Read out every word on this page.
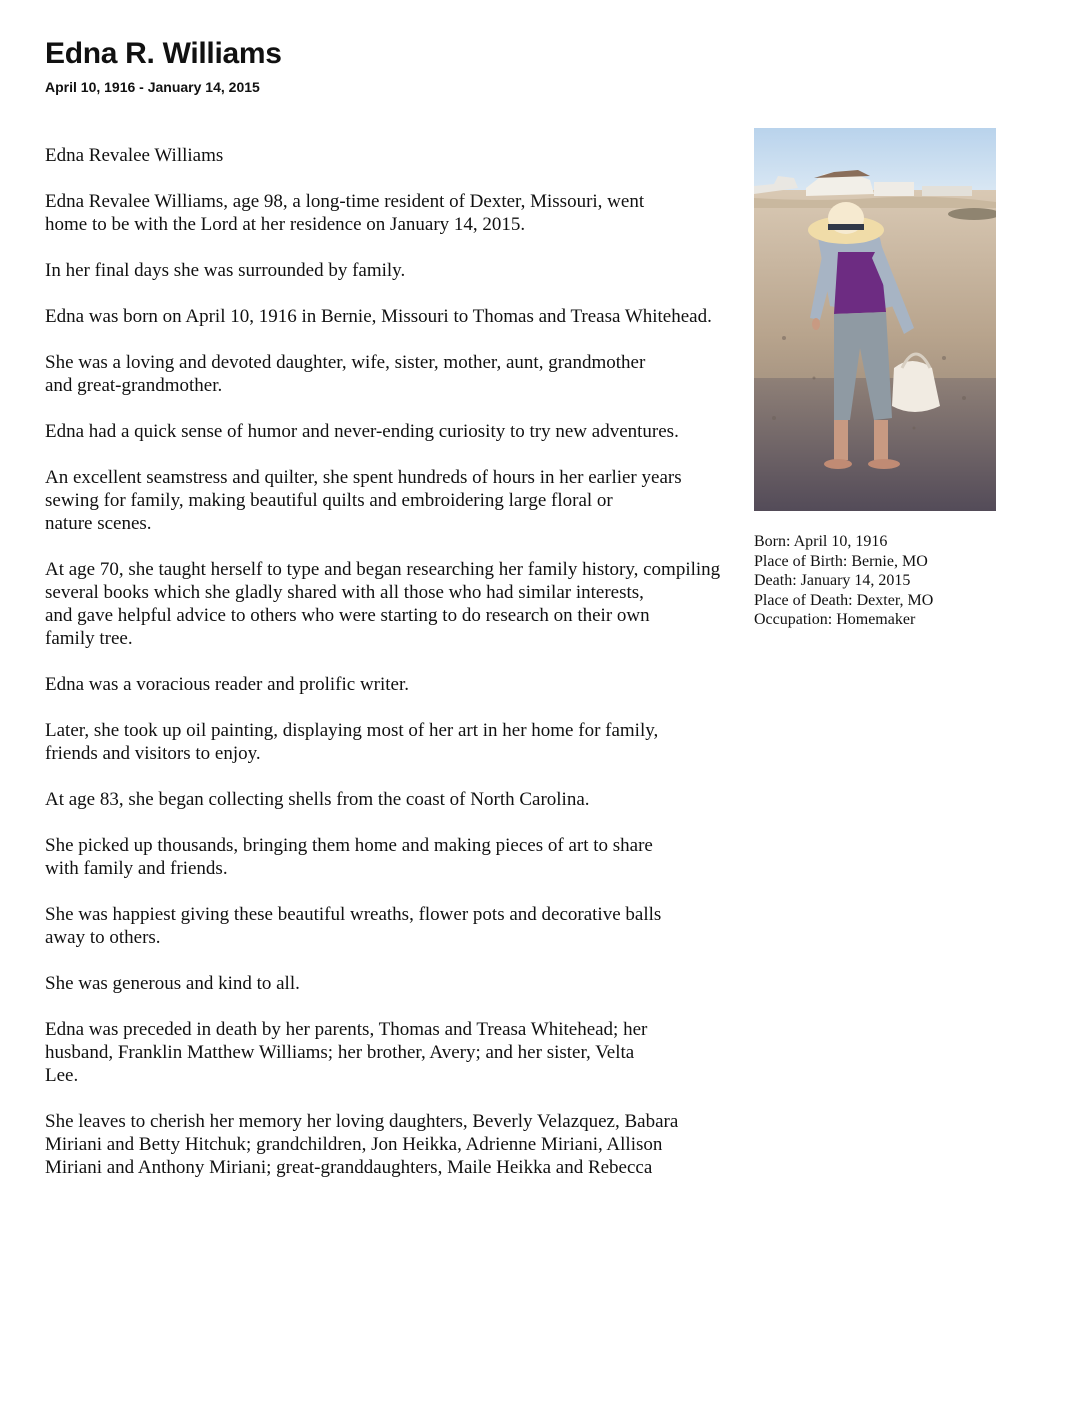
Edna R. Williams
April 10, 1916 - January 14, 2015
Born: April 10, 1916
Place of Birth: Bernie, MO
Death: January 14, 2015
Place of Death: Dexter, MO
Occupation: Homemaker

Edna Revalee Williams

Edna Revalee Williams, age 98, a long-time resident of Dexter, Missouri, went
home to be with the Lord at her residence on January 14, 2015.

In her final days she was surrounded by family.

Edna was born on April 10, 1916 in Bernie, Missouri to Thomas and Treasa Whitehead.

She was a loving and devoted daughter, wife, sister, mother, aunt, grandmother
and great-grandmother.

Edna had a quick sense of humor and never-ending curiosity to try new adventures.

An excellent seamstress and quilter, she spent hundreds of hours in her earlier years
sewing for family, making beautiful quilts and embroidering large floral or
nature scenes.

At age 70, she taught herself to type and began researching her family history, compiling
several books which she gladly shared with all those who had similar interests,
and gave helpful advice to others who were starting to do research on their own
family tree.

Edna was a voracious reader and prolific writer.

Later, she took up oil painting, displaying most of her art in her home for family,
friends and visitors to enjoy.

At age 83, she began collecting shells from the coast of North Carolina.

She picked up thousands, bringing them home and making pieces of art to share
with family and friends.

She was happiest giving these beautiful wreaths, flower pots and decorative balls
away to others.

She was generous and kind to all.

Edna was preceded in death by her parents, Thomas and Treasa Whitehead; her
husband, Franklin Matthew Williams; her brother, Avery; and her sister, Velta
Lee.

She leaves to cherish her memory her loving daughters, Beverly Velazquez, Babara
Miriani and Betty Hitchuk; grandchildren, Jon Heikka, Adrienne Miriani, Allison
Miriani and Anthony Miriani; great-granddaughters, Maile Heikka and Rebecca
